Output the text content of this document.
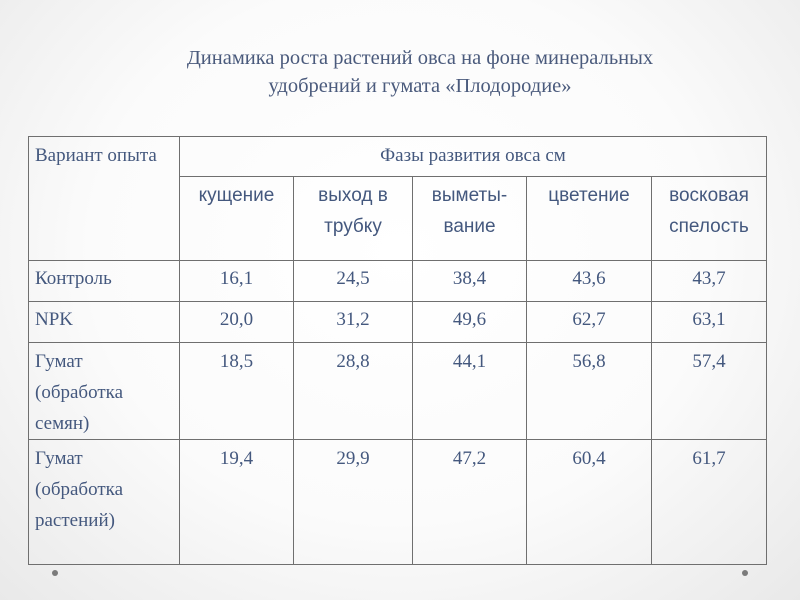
Динамика роста растений овса на фоне минеральных
удобрений и гумата «Плодородие»
Вариант опыта	Фазы развития овса см				
	кущение	выход в трубку	выметы-вание	цветение	восковая спелость
Контроль	16,1	24,5	38,4	43,6	43,7
NPK	20,0	31,2	49,6	62,7	63,1
Гумат (обработка семян)	18,5	28,8	44,1	56,8	57,4
Гумат (обработка растений)	19,4	29,9	47,2	60,4	61,7
